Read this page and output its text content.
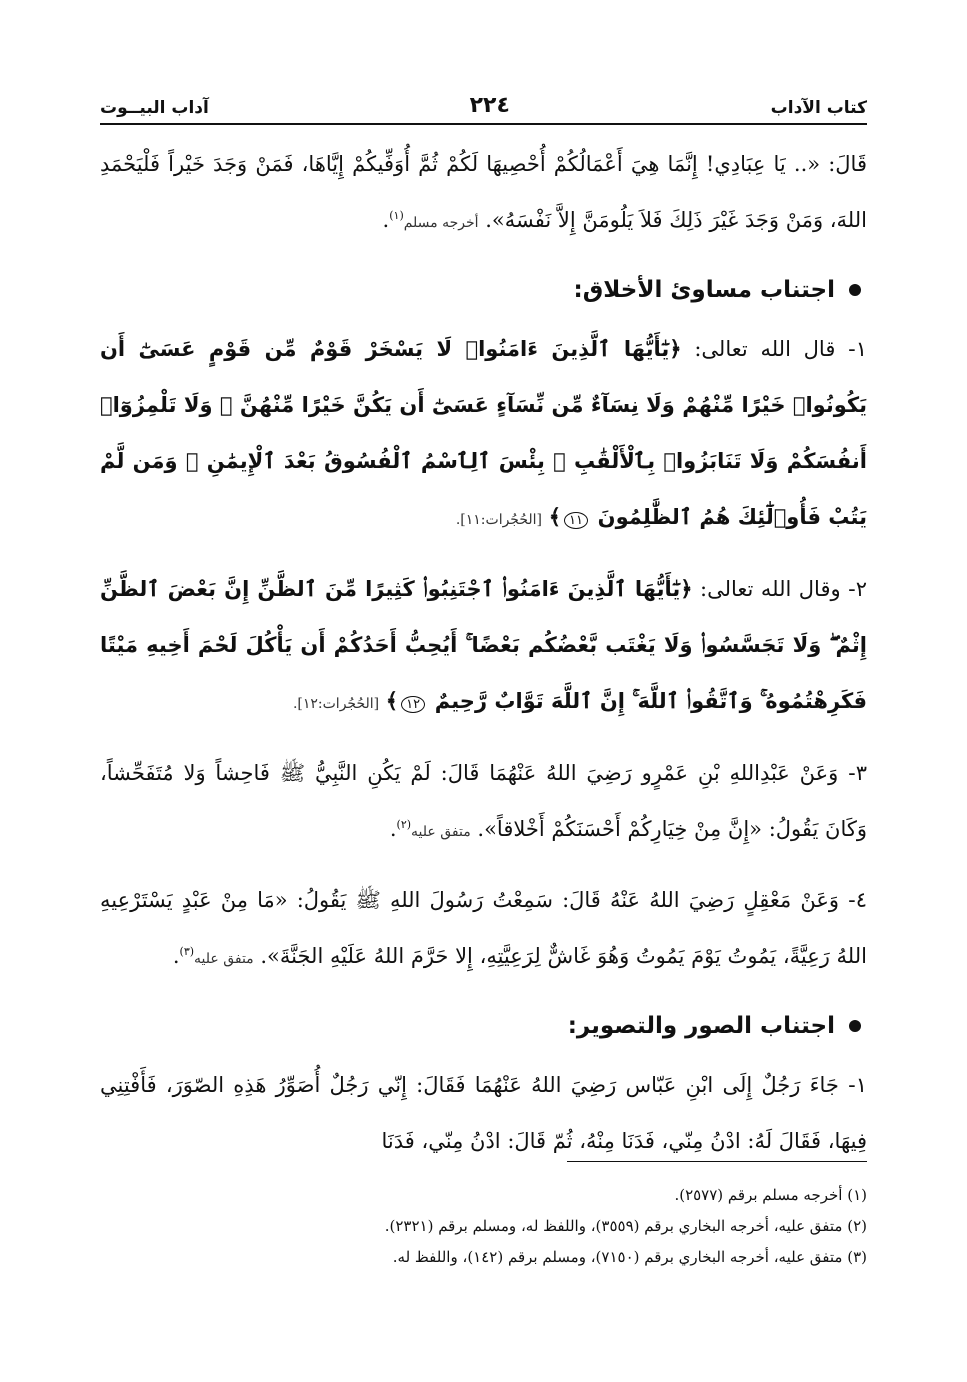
كتاب الآداب
٢٢٤
آداب البيــوت

قَالَ: «.. يَا عِبَادِي! إِنَّمَا هِيَ أَعْمَالُكُمْ أُحْصِيهَا لَكُمْ ثُمَّ أُوَفِّيكُمْ إِيَّاهَا، فَمَنْ وَجَدَ خَيْراً فَلْيَحْمَدِ اللهَ، وَمَنْ وَجَدَ غَيْرَ ذَلِكَ فَلاَ يَلُومَنَّ إِلاَّ نَفْسَهُ». أخرجه مسلم$^{(١)}$.

اجتناب مساوئ الأخلاق:

١- قال الله تعالى: ﴿يَٰٓأَيُّهَا ٱلَّذِينَ ءَامَنُوا۟ لَا يَسْخَرْ قَوْمٌ مِّن قَوْمٍ عَسَىٰٓ أَن يَكُونُوا۟ خَيْرًا مِّنْهُمْ وَلَا نِسَآءٌ مِّن نِّسَآءٍ عَسَىٰٓ أَن يَكُنَّ خَيْرًا مِّنْهُنَّ ۖ وَلَا تَلْمِزُوٓا۟ أَنفُسَكُمْ وَلَا تَنَابَزُوا۟ بِٱلْأَلْقَٰبِ ۖ بِئْسَ ٱلِٱسْمُ ٱلْفُسُوقُ بَعْدَ ٱلْإِيمَٰنِ ۚ وَمَن لَّمْ يَتُبْ فَأُو۟لَٰٓئِكَ هُمُ ٱلظَّٰلِمُونَ ١١﴾ [الحُجُرات:١١].

٢- وقال الله تعالى: ﴿يَٰٓأَيُّهَا ٱلَّذِينَ ءَامَنُوا۟ ٱجْتَنِبُوا۟ كَثِيرًا مِّنَ ٱلظَّنِّ إِنَّ بَعْضَ ٱلظَّنِّ إِثْمٌ ۖ وَلَا تَجَسَّسُوا۟ وَلَا يَغْتَب بَّعْضُكُم بَعْضًا ۚ أَيُحِبُّ أَحَدُكُمْ أَن يَأْكُلَ لَحْمَ أَخِيهِ مَيْتًا فَكَرِهْتُمُوهُ ۚ وَٱتَّقُوا۟ ٱللَّهَ ۚ إِنَّ ٱللَّهَ تَوَّابٌ رَّحِيمٌ ١٢﴾ [الحُجُرات:١٢].

٣- وَعَنْ عَبْدِاللهِ بْنِ عَمْرٍو رَضِيَ اللهُ عَنْهُمَا قَالَ: لَمْ يَكُنِ النَّبِيُّ ﷺ فَاحِشاً وَلا مُتَفَحِّشاً، وَكَانَ يَقُولُ: «إِنَّ مِنْ خِيَارِكُمْ أَحْسَنَكُمْ أَخْلاقاً». متفق عليه$^{(٢)}$.

٤- وَعَنْ مَعْقِلٍ رَضِيَ اللهُ عَنْهُ قَالَ: سَمِعْتُ رَسُولَ اللهِ ﷺ يَقُولُ: «مَا مِنْ عَبْدٍ يَسْتَرْعِيهِ اللهُ رَعِيَّةً، يَمُوتُ يَوْمَ يَمُوتُ وَهُوَ غَاشٌّ لِرَعِيَّتِهِ، إِلا حَرَّمَ اللهُ عَلَيْهِ الجَنَّةَ». متفق عليه$^{(٣)}$.

اجتناب الصور والتصوير:

١- جَاءَ رَجُلٌ إِلَى ابْنِ عَبّاس رَضِيَ اللهُ عَنْهُمَا فَقَالَ: إِنّي رَجُلٌ أُصَوِّرُ هَذِهِ الصّوَرَ، فَأَفْتِنِي فِيهَا، فَقَالَ لَهُ: ادْنُ مِنّي، فَدَنَا مِنْهُ، ثُمّ قَالَ: ادْنُ مِنّي، فَدَنَا

(١) أخرجه مسلم برقم (٢٥٧٧).

(٢) متفق عليه، أخرجه البخاري برقم (٣٥٥٩)، واللفظ له، ومسلم برقم (٢٣٢١).

(٣) متفق عليه، أخرجه البخاري برقم (٧١٥٠)، ومسلم برقم (١٤٢)، واللفظ له.
